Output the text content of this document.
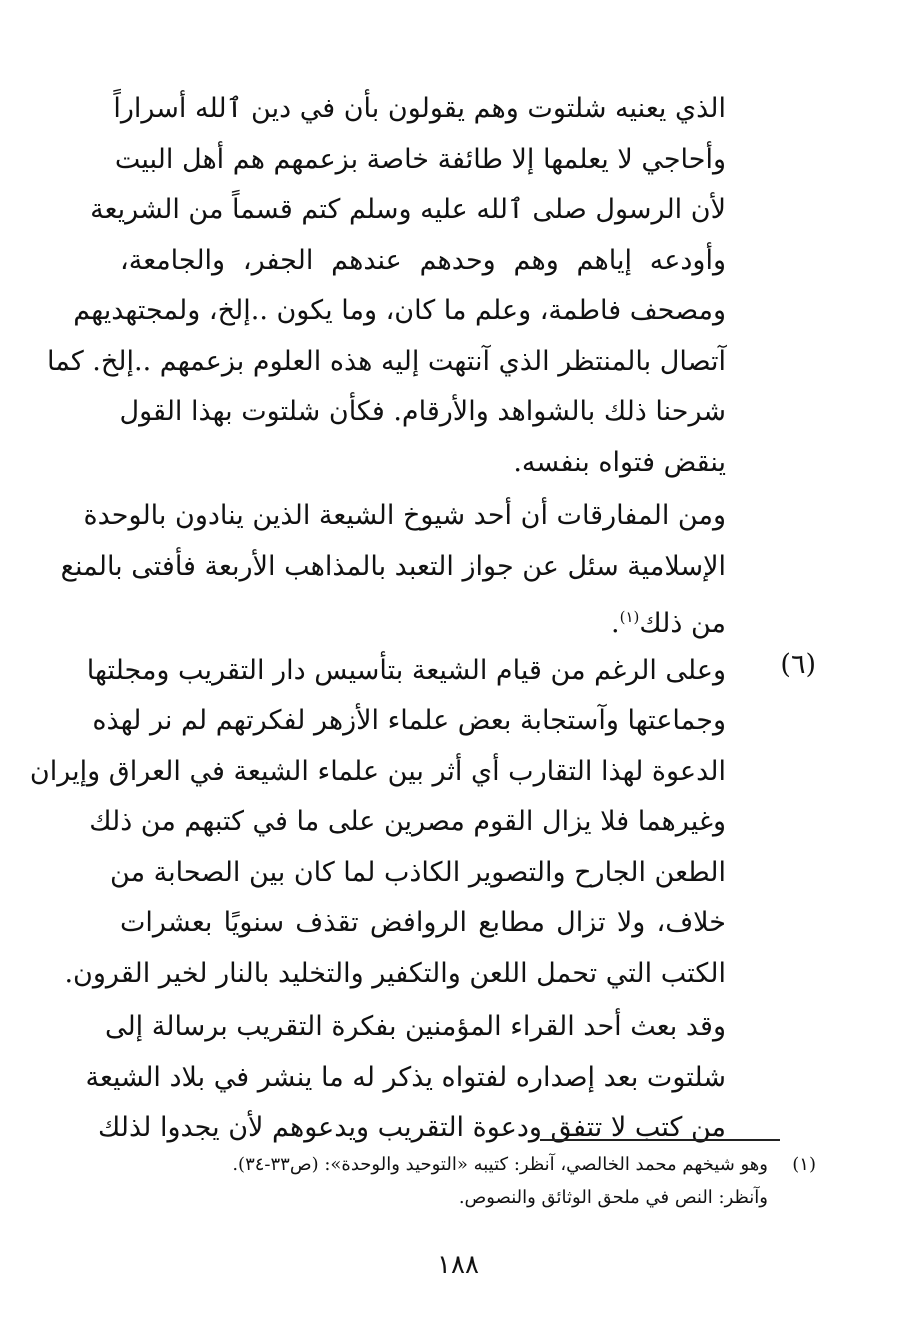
الذي يعنيه شلتوت وهم يقولون بأن في دين ٱلله أسراراً
وأحاجي لا يعلمها إلا طائفة خاصة بزعمهم هم أهل البيت
لأن الرسول صلى ٱلله عليه وسلم كتم قسماً من الشريعة
وأودعه إياهم وهم وحدهم عندهم الجفر، والجامعة،
ومصحف فاطمة، وعلم ما كان، وما يكون ..إلخ، ولمجتهديهم
آتصال بالمنتظر الذي آنتهت إليه هذه العلوم بزعمهم ..إلخ. كما
شرحنا ذلك بالشواهد والأرقام. فكأن شلتوت بهذا القول
ينقض فتواه بنفسه.
ومن المفارقات أن أحد شيوخ الشيعة الذين ينادون بالوحدة
الإسلامية سئل عن جواز التعبد بالمذاهب الأربعة فأفتى بالمنع
من ذلك$^{(١)}$.
وعلى الرغم من قيام الشيعة بتأسيس دار التقريب ومجلتها
وجماعتها وآستجابة بعض علماء الأزهر لفكرتهم لم نر لهذه
الدعوة لهذا التقارب أي أثر بين علماء الشيعة في العراق وإيران
وغيرهما فلا يزال القوم مصرين على ما في كتبهم من ذلك
الطعن الجارح والتصوير الكاذب لما كان بين الصحابة من
خلاف، ولا تزال مطابع الروافض تقذف سنويًا بعشرات
الكتب التي تحمل اللعن والتكفير والتخليد بالنار لخير القرون.
وقد بعث أحد القراء المؤمنين بفكرة التقريب برسالة إلى
شلتوت بعد إصداره لفتواه يذكر له ما ينشر في بلاد الشيعة
من كتب لا تتفق ودعوة التقريب ويدعوهم لأن يجدوا لذلك
(٦)
(١)وهو شيخهم محمد الخالصي، آنظر: كتيبه «التوحيد والوحدة»: (ص٣٣-٣٤).
وآنظر: النص في ملحق الوثائق والنصوص.
١٨٨
